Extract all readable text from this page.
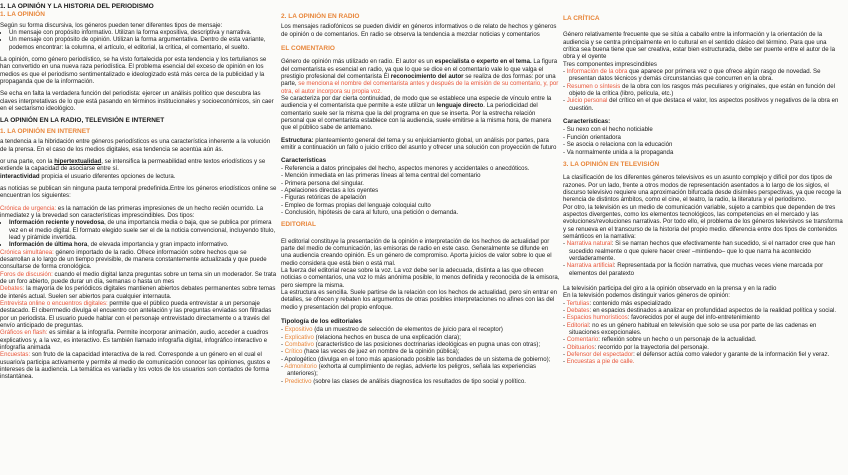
1. LA OPINIÓN Y LA HISTORIA DEL PERIODISMO
1. LA OPINIÓN
Según su forma discursiva, los géneros pueden tener diferentes tipos de mensaje:
• Un mensaje con propósito informativo. Utilizan la forma expositiva, descriptiva y narrativa.
• Un mensaje con propósito de opinión. Utilizan la forma argumentativa. Dentro de esta variante, podemos encontrar: la columna, el artículo, el editorial, la crítica, el comentario, el suelto.

La opinión, como género periodístico, se ha visto fortalecida por esta tendencia y los tertulianos se han convertido en una nueva raza periodística. El problema esencial del exceso de opinión en los medios es que el periodismo sentimentalizado e ideologizado está más cerca de la publicidad y la propaganda que de la información.

Se echa en falta la verdadera función del periodista: ejercer un análisis político que descubra las claves interpretativas de lo que está pasando en términos institucionales y socioeconómicos, sin caer en el sectarismo ideológico.

LA OPINIÓN EN LA RADIO, TELEVISIÓN E INTERNET
1. LA OPINIÓN EN INTERNET

a tendencia a la hibridación entre géneros periodísticos es una característica inherente a la volución de la prensa. En el caso de los medios digitales, esa tendencia se acentúa aún ás.

or una parte, con la hipertextualidad, se intensifica la permeabilidad entre textos eriodísticos y se extiende la capacidad de asociarse entre sí.

interactividad propicia el usuario diferentes opciones de lectura.

as noticias se publican sin ninguna pauta temporal predefinida.Entre los géneros eriodísticos online se encuentran los siguientes:

Crónica de urgencia: es la narración de las primeras impresiones de un hecho recién ocurrido. La inmediatez y la brevedad son características imprescindibles. Dos tipos:
• Información reciente y novedosa, de una importancia media o baja, que se publica por primera vez en el medio digital. El formato elegido suele ser el de la noticia convencional, incluyendo título, lead y pirámide invertida.
• Información de última hora, de elevada importancia y gran impacto informativo.
Crónica simultánea: género importado de la radio. Ofrece información sobre hechos que se desarrollan a lo largo de un tiempo previsible, de manera constantemente actualizada y que puede consultarse de forma cronológica.
Foros de discusión: cuando el medio digital lanza preguntas sobre un tema sin un moderador. Se trata de un foro abierto, puede durar un día, semanas o hasta un mes
Debates: la mayoría de los periódicos digitales mantienen abiertos debates permanentes sobre temas de interés actual. Suelen ser abiertos para cualquier internauta.
Entrevista online o encuentros digitales: permite que el público pueda entrevistar a un personaje destacado. El ciberrmedio divulga el encuentro con antelación y las preguntas enviadas son filtradas por un periodista. El usuario puede hablar con el personaje entrevistado directamente o a través del envío anticipado de preguntas.
Gráficos en flash: es similar a la infografía. Permite incorporar animación, audio, acceder a cuadros explicativos y, a la vez, es interactivo. Es también llamado infografía digital, infográfico interactivo e infografía animada
Encuestas: son fruto de la capacidad interactiva de la red. Corresponde a un género en el cual el usuario/a participa activamente y permite al medio de comunicación conocer las opiniones, gustos e intereses de la audiencia. La temática es variada y los votos de los usuarios son contados de forma instantánea.
2. LA OPINIÓN EN RADIO

Los mensajes radiofónicos se pueden dividir en géneros informativos o de relato de hechos y géneros de opinión o de comentarios. En radio se observa la tendencia a mezclar noticias y comentarios

EL COMENTARIO
Género de opinión más utilizado en radio. El autor es un especialista o experto en el tema. La figura del comentarista es esencial en radio, ya que lo que se dice en el comentario vale lo que valga el prestigio profesional del comentarista El reconocimiento del autor se realiza de dos formas: por una parte, se menciona el nombre del comentarista antes y después de la emisión de su comentario, y, por otra, el autor incorpora su propia voz.

Se caracteriza por dar cierta continuidad, de modo que se establece una especie de vínculo entre la audiencia y el comentarista que permite a este utilizar un lenguaje directo. La periodicidad del comentario suele ser la misma que la del programa en que se inserta. Por la estrecha relación personal que el comentarista establece con la audiencia, suele emitirse a la misma hora, de manera que el público sabe de antemano.

Estructura: planteamiento general del tema y su enjuiciamiento global, un análisis por partes, para emitir a continuación un fallo o juicio crítico del asunto y ofrecer una solución con proyección de futuro

Características
- Referencia a datos principales del hecho, aspectos menores y accidentales o anecdóticos.
- Mención inmediata en las primeras líneas al tema central del comentario
- Primera persona del singular.
- Apelaciones directas a los oyentes
- Figuras retóricas de apelación
- Empleo de formas propias del lenguaje coloquial culto
- Conclusión, hipótesis de cara al futuro, una petición o demanda.
EDITORIAL
El editorial constituye la presentación de la opinión e interpretación de los hechos de actualidad por parte del medio de comunicación, las emisoras de radio en este caso. Generalmente se difunde en una audiencia creando opinión. Es un género de compromiso. Aporta juicios de valor sobre lo que el medio considera que está bien o está mal.
La fuerza del editorial recae sobre la voz. La voz debe ser la adecuada, distinta a las que ofrecen noticias o comentarios, una voz lo más anónima posible, lo menos definida y reconocida de la emisora, pero siempre la misma.

La estructura es sencilla. Suele partirse de la relación con los hechos de actualidad, pero sin entrar en detalles, se ofrecen y rebaten los argumentos de otras posibles interpretaciones no afines con las del medio y presentación del propio enfoque.

Tipología de los editoriales
- Expositivo (da un muestreo de selección de elementos de juicio para el receptor)
- Explicativo (relaciona hechos en busca de una explicación clara);
- Combativo (característico de las posiciones doctrinarias ideológicas en pugna unas con otras);
- Crítico (hace las veces de juez en nombre de la opinión pública);
- Apologético (divulga en el tono más apasionado posible las bondades de un sistema de gobierno);
- Admonitorio (exhorta al cumplimiento de reglas, advierte los peligros, señala las experiencias anteriores);
- Predictivo (sobre las clases de análisis diagnostica los resultados de tipo social y político.
LA CRÍTICA
Género relativamente frecuente que se sitúa a caballo entre la información y la orientación de la audiencia y se centra principalmente en lo cultural en el sentido clásico del término. Para que una crítica sea buena tiene que ser creativa, estar bien estructurada, debe ser puente entre el autor de la obra y el oyente
Tres componentes imprescindibles
- Información de la obra que aparece por primera vez o que ofrece algún rasgo de novedad. Se presentan datos técnicos y demás circunstancias que concurren en la obra.
- Resumen o síntesis de la obra con los rasgos más peculiares y originales, que están en función del objeto de la crítica (libro, película, etc.)
- Juicio personal del crítico en el que destaca el valor, los aspectos positivos y negativos de la obra en cuestión.
Características:
- Su nexo con el hecho noticiable
- Función orientadora
- Se asocia o relaciona con la educación
- Va normalmente unida a la propaganda
3. LA OPINIÓN EN TELEVISIÓN
La clasificación de los diferentes géneros televisivos es un asunto complejo y difícil por dos tipos de razones. Por un lado, frente a otros modos de representación asentados a lo largo de los siglos, el discurso televisivo requiere una aproximación bifurcada desde disímiles perspectivas, ya que recoge la herencia de distintos ámbitos, como el cine, el teatro, la radio, la literatura y el periodismo.
Por otro, la televisión es un medio de comunicación variable, sujeto a cambios que dependen de tres aspectos divergentes, como los elementos tecnológicos, las competencias en el mercado y las evoluciones/revoluciones narrativas. Por todo ello, el problema de los géneros televisivos se transforma y se renueva en el transcurso de la historia del propio medio. diferencia entre dos tipos de contenidos semánticos en la narrativa:
- Narrativa natural: Si se narran hechos que efectivamente han sucedido, si el narrador cree que han sucedido realmente o que quiere hacer creer –mintiendo– que lo que narra ha acontecido verdaderamente.
- Narrativa artificial: Representada por la ficción narrativa, que muchas veces viene marcada por elementos del paratexto
La televisión participa del giro a la opinión observado en la prensa y en la radio
En la televisión podemos distinguir varios géneros de opinión:
- Tertulias: contenido más especializado
- Debates: en espacios destinados a analizar en profundidad aspectos de la realidad política y social.
- Espacios humorísticos: favorecidos por el auge del info-entretenimiento
- Editorial: no es un género habitual en televisión que solo se usa por parte de las cadenas en situaciones excepcionales.
- Comentario: reflexión sobre un hecho o un personaje de la actualidad.
- Obituarios: recorrido por la trayectoria del personaje.
- Defensor del espectador: el defensor actúa como valedor y garante de la información fiel y veraz.
- Encuestas a pie de calle.
